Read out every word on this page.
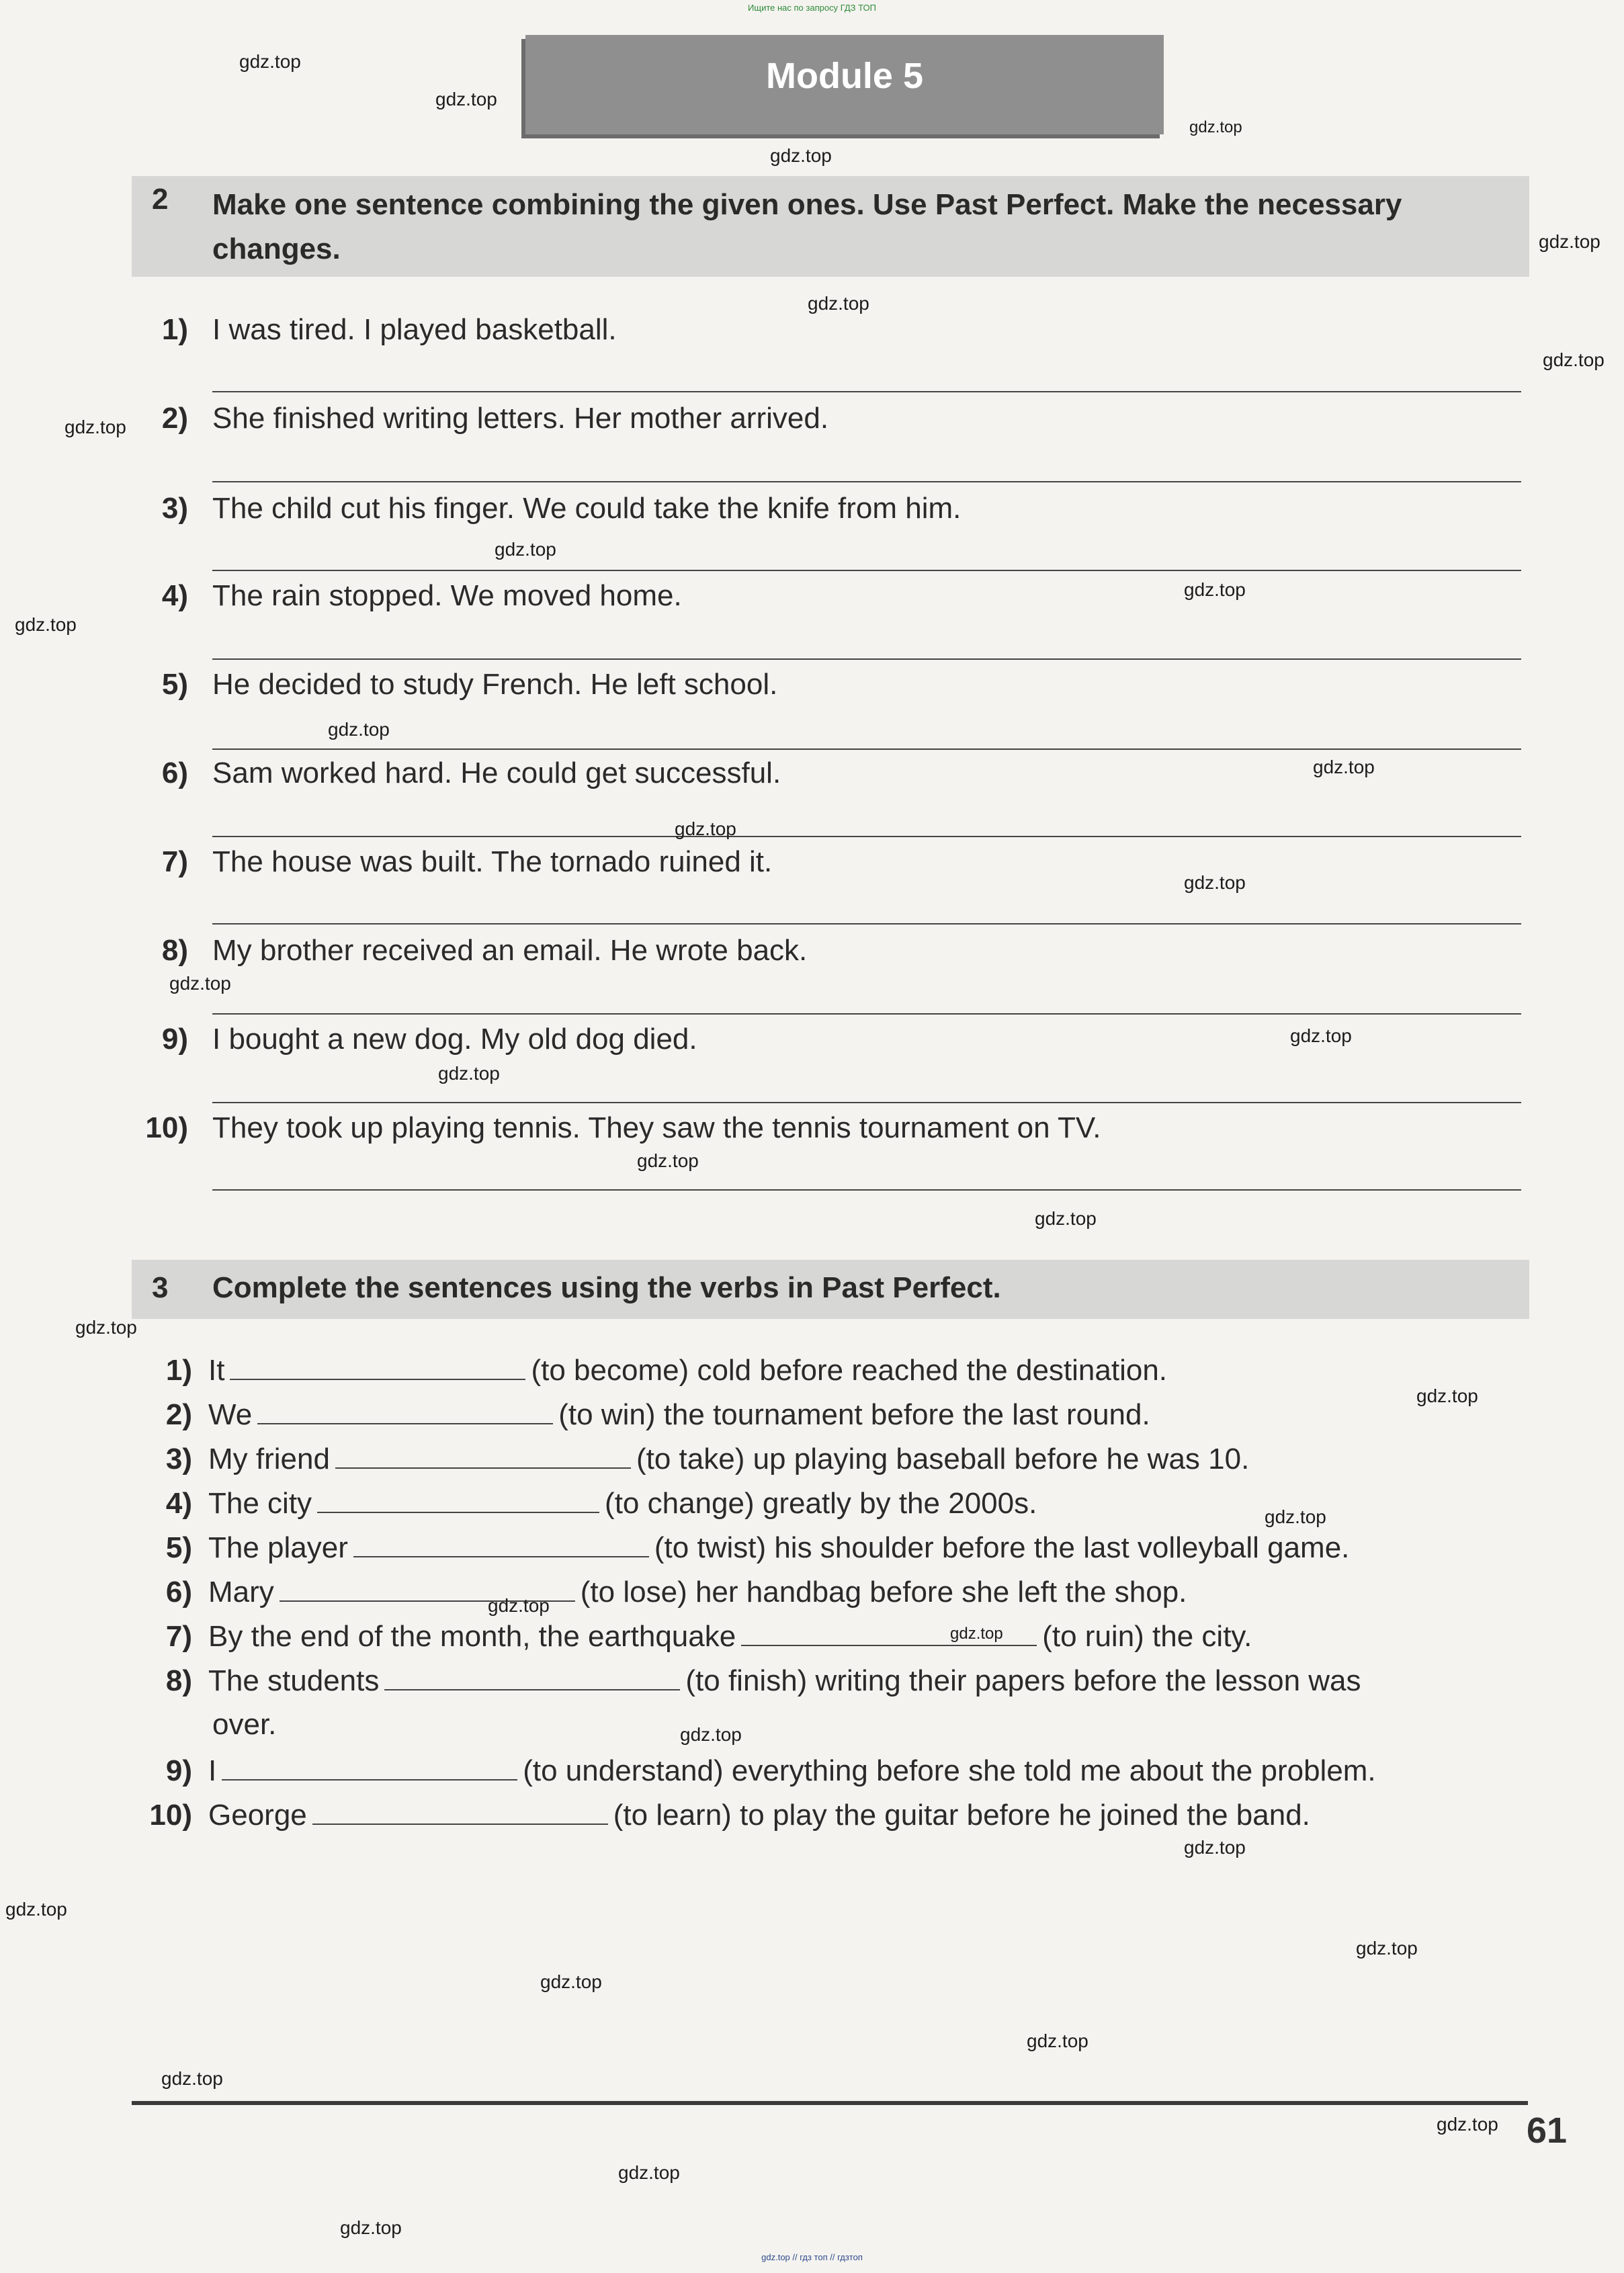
Ищите нас по запросу ГДЗ ТОП
Module 5
2 Make one sentence combining the given ones. Use Past Perfect. Make the necessary changes.
1) I was tired. I played basketball.
2) She finished writing letters. Her mother arrived.
3) The child cut his finger. We could take the knife from him.
4) The rain stopped. We moved home.
5) He decided to study French. He left school.
6) Sam worked hard. He could get successful.
7) The house was built. The tornado ruined it.
8) My brother received an email. He wrote back.
9) I bought a new dog. My old dog died.
10) They took up playing tennis. They saw the tennis tournament on TV.
3 Complete the sentences using the verbs in Past Perfect.
1) It	(to become) cold before reached the destination.
2) We	(to win) the tournament before the last round.
3) My friend	(to take) up playing baseball before he was 10.
4) The city	(to change) greatly by the 2000s.
5) The player	(to twist) his shoulder before the last volleyball game.
6) Mary	(to lose) her handbag before she left the shop.
7) By the end of the month, the earthquake	(to ruin) the city.
8) The students	(to finish) writing their papers before the lesson was
over.
9) I	(to understand) everything before she told me about the problem.
10) George	(to learn) to play the guitar before he joined the band.
gdz.top
gdz.top
gdz.top
gdz.top
gdz.top
gdz.top
gdz.top
gdz.top
gdz.top
gdz.top
gdz.top
gdz.top
gdz.top
gdz.top
gdz.top
gdz.top
gdz.top
gdz.top
gdz.top
gdz.top
gdz.top
gdz.top
gdz.top
gdz.top
gdz.top
gdz.top
gdz.top
gdz.top
gdz.top
gdz.top
gdz.top
gdz.top
gdz.top
gdz.top
gdz.top
61
gdz.top // гдз топ // гдзтоп
